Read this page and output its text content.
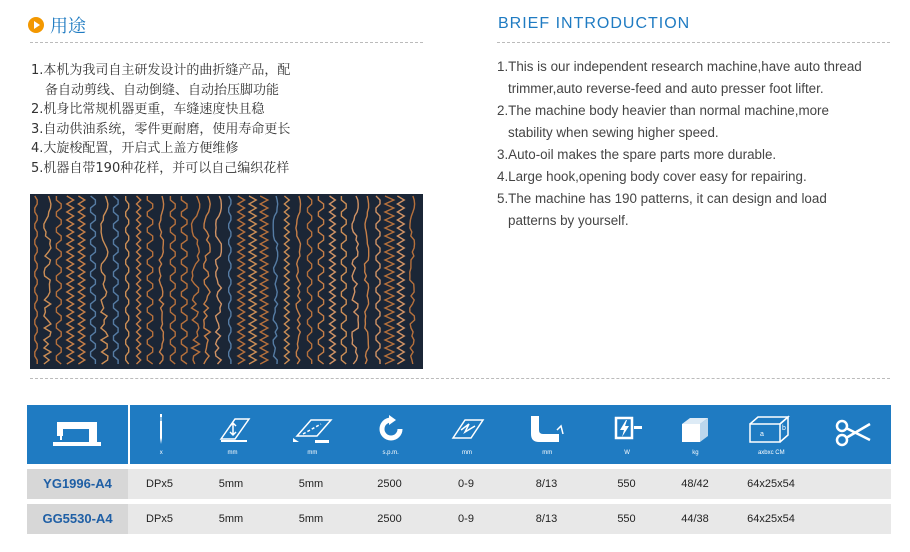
用途	BRIEF INTRODUCTION
1.本机为我司自主研发设计的曲折缝产品，配
备自动剪线、自动倒缝、自动抬压脚功能
2.机身比常规机器更重，车缝速度快且稳
3.自动供油系统，零件更耐磨，使用寿命更长
4.大旋梭配置，开启式上盖方便维修
5.机器自带190种花样，并可以自己编织花样
1.This is our independent research machine,have auto thread
trimmer,auto reverse-feed and auto presser foot lifter.
2.The machine body heavier than normal machine,more
stability when sewing higher speed.
3.Auto-oil makes the spare parts more durable.
4.Large hook,opening body cover easy for repairing.
5.The machine has 190 patterns, it can design and load
patterns by yourself.
x	mm	mm	s.p.m.	mm	mm	W	kg
a
b
axbxc CM
YG1996-A4	DPx5	5mm	5mm	2500	0-9	8/13	550	48/42	64x25x54
GG5530-A4	DPx5	5mm	5mm	2500	0-9	8/13	550	44/38	64x25x54
